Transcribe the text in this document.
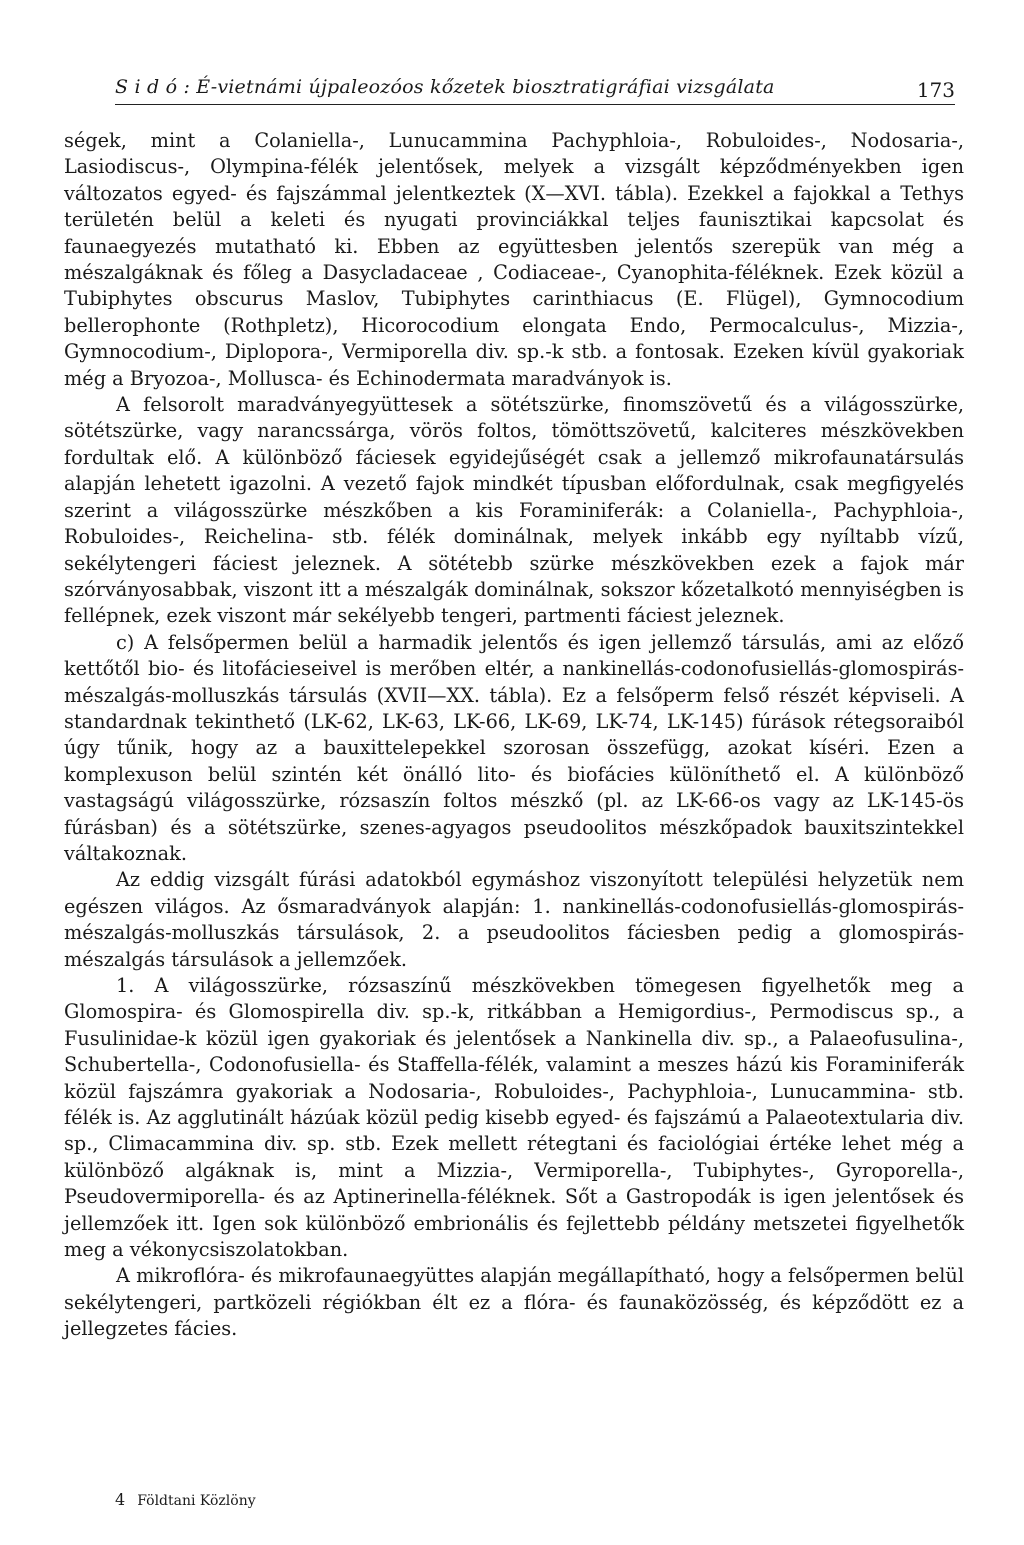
S i d ó : É-vietnámi újpaleozóos kőzetek biosztratigráfiai vizsgálata	173

ségek, mint a Colaniella-, Lunucammina Pachyphloia-, Robuloides-, Nodosaria-, Lasiodiscus-, Olympina-félék jelentősek, melyek a vizsgált képződményekben igen változatos egyed- és fajszámmal jelentkeztek (X—XVI. tábla). Ezekkel a fajokkal a Tethys területén belül a keleti és nyugati provinciákkal teljes faunisztikai kapcsolat és faunaegyezés mutatható ki. Ebben az együttesben jelentős szerepük van még a mészalgáknak és főleg a Dasycladaceae , Codiaceae-, Cyanophita-féléknek. Ezek közül a Tubiphytes obscurus Maslov, Tubiphytes carinthiacus (E. Flügel), Gymnocodium bellerophonte (Rothpletz), Hicorocodium elongata Endo, Permocalculus-, Mizzia-, Gymnocodium-, Diplopora-, Vermiporella div. sp.-k stb. a fontosak. Ezeken kívül gyakoriak még a Bryozoa-, Mollusca- és Echinodermata maradványok is.

A felsorolt maradványegyüttesek a sötétszürke, finomszövetű és a világosszürke, sötétszürke, vagy narancssárga, vörös foltos, tömöttszövetű, kalciteres mészkövekben fordultak elő. A különböző fáciesek egyidejűségét csak a jellemző mikrofaunatársulás alapján lehetett igazolni. A vezető fajok mindkét típusban előfordulnak, csak megfigyelés szerint a világosszürke mészkőben a kis Foraminiferák: a Colaniella-, Pachyphloia-, Robuloides-, Reichelina- stb. félék dominálnak, melyek inkább egy nyíltabb vízű, sekélytengeri fáciest jeleznek. A sötétebb szürke mészkövekben ezek a fajok már szórványosabbak, viszont itt a mészalgák dominálnak, sokszor kőzetalkotó mennyiségben is fellépnek, ezek viszont már sekélyebb tengeri, partmenti fáciest jeleznek.

c) A felsőpermen belül a harmadik jelentős és igen jellemző társulás, ami az előző kettőtől bio- és litofácieseivel is merőben eltér, a nankinellás-codonofusiellás-glomospirás-mészalgás-molluszkás társulás (XVII—XX. tábla). Ez a felsőperm felső részét képviseli. A standardnak tekinthető (LK-62, LK-63, LK-66, LK-69, LK-74, LK-145) fúrások rétegsoraiból úgy tűnik, hogy az a bauxittelepekkel szorosan összefügg, azokat kíséri. Ezen a komplexuson belül szintén két önálló lito- és biofácies különíthető el. A különböző vastagságú világosszürke, rózsaszín foltos mészkő (pl. az LK-66-os vagy az LK-145-ös fúrásban) és a sötétszürke, szenes-agyagos pseudoolitos mészkőpadok bauxitszintekkel váltakoznak.

Az eddig vizsgált fúrási adatokból egymáshoz viszonyított települési helyzetük nem egészen világos. Az ősmaradványok alapján: 1. nankinellás-codonofusiellás-glomospirás-mészalgás-molluszkás társulások, 2. a pseudoolitos fáciesben pedig a glomospirás-mészalgás társulások a jellemzőek.

1. A világosszürke, rózsaszínű mészkövekben tömegesen figyelhetők meg a Glomospira- és Glomospirella div. sp.-k, ritkábban a Hemigordius-, Permodiscus sp., a Fusulinidae-k közül igen gyakoriak és jelentősek a Nankinella div. sp., a Palaeofusulina-, Schubertella-, Codonofusiella- és Staffella-félék, valamint a meszes házú kis Foraminiferák közül fajszámra gyakoriak a Nodosaria-, Robuloides-, Pachyphloia-, Lunucammina- stb. félék is. Az agglutinált házúak közül pedig kisebb egyed- és fajszámú a Palaeotextularia div. sp., Climacammina div. sp. stb. Ezek mellett rétegtani és faciológiai értéke lehet még a különböző algáknak is, mint a Mizzia-, Vermiporella-, Tubiphytes-, Gyroporella-, Pseudovermiporella- és az Aptinerinella-féléknek. Sőt a Gastropodák is igen jelentősek és jellemzőek itt. Igen sok különböző embrionális és fejlettebb példány metszetei figyelhetők meg a vékonycsiszolatokban.

A mikroflóra- és mikrofaunaegyüttes alapján megállapítható, hogy a felsőpermen belül sekélytengeri, partközeli régiókban élt ez a flóra- és faunaközösség, és képződött ez a jellegzetes fácies.

4 Földtani Közlöny
